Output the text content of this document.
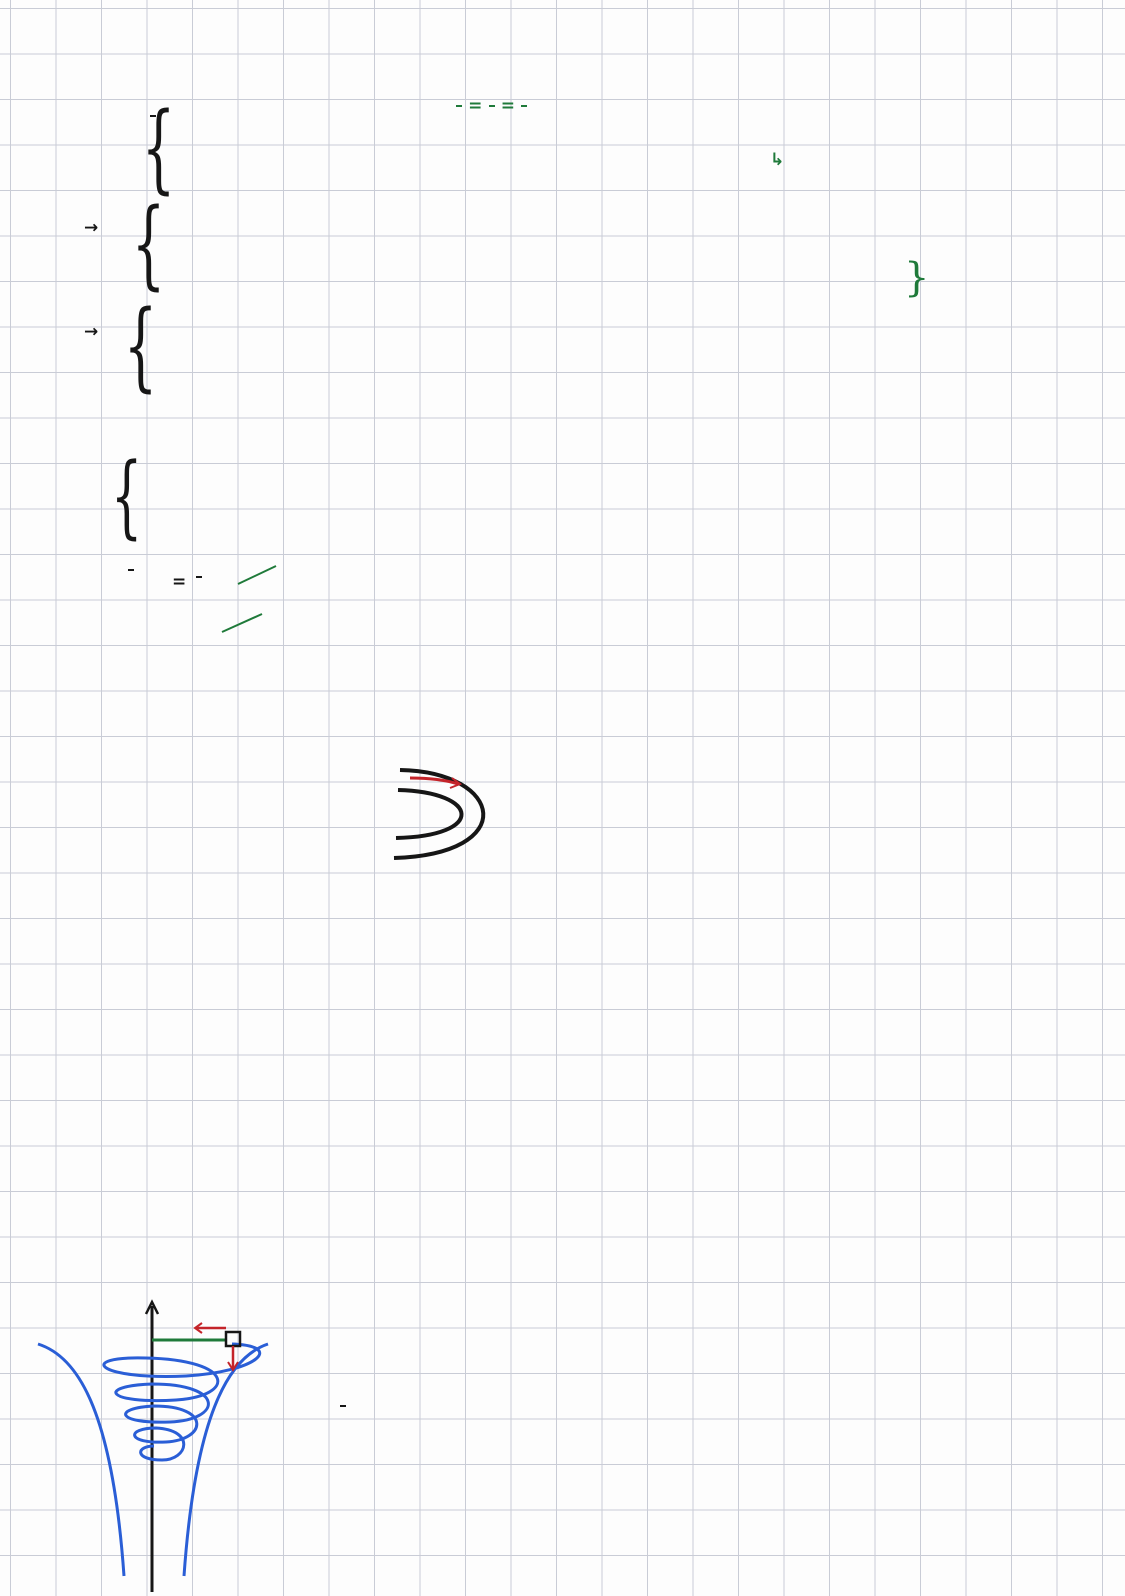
{	=
=
→ {
→ {
↳
}
{
=
